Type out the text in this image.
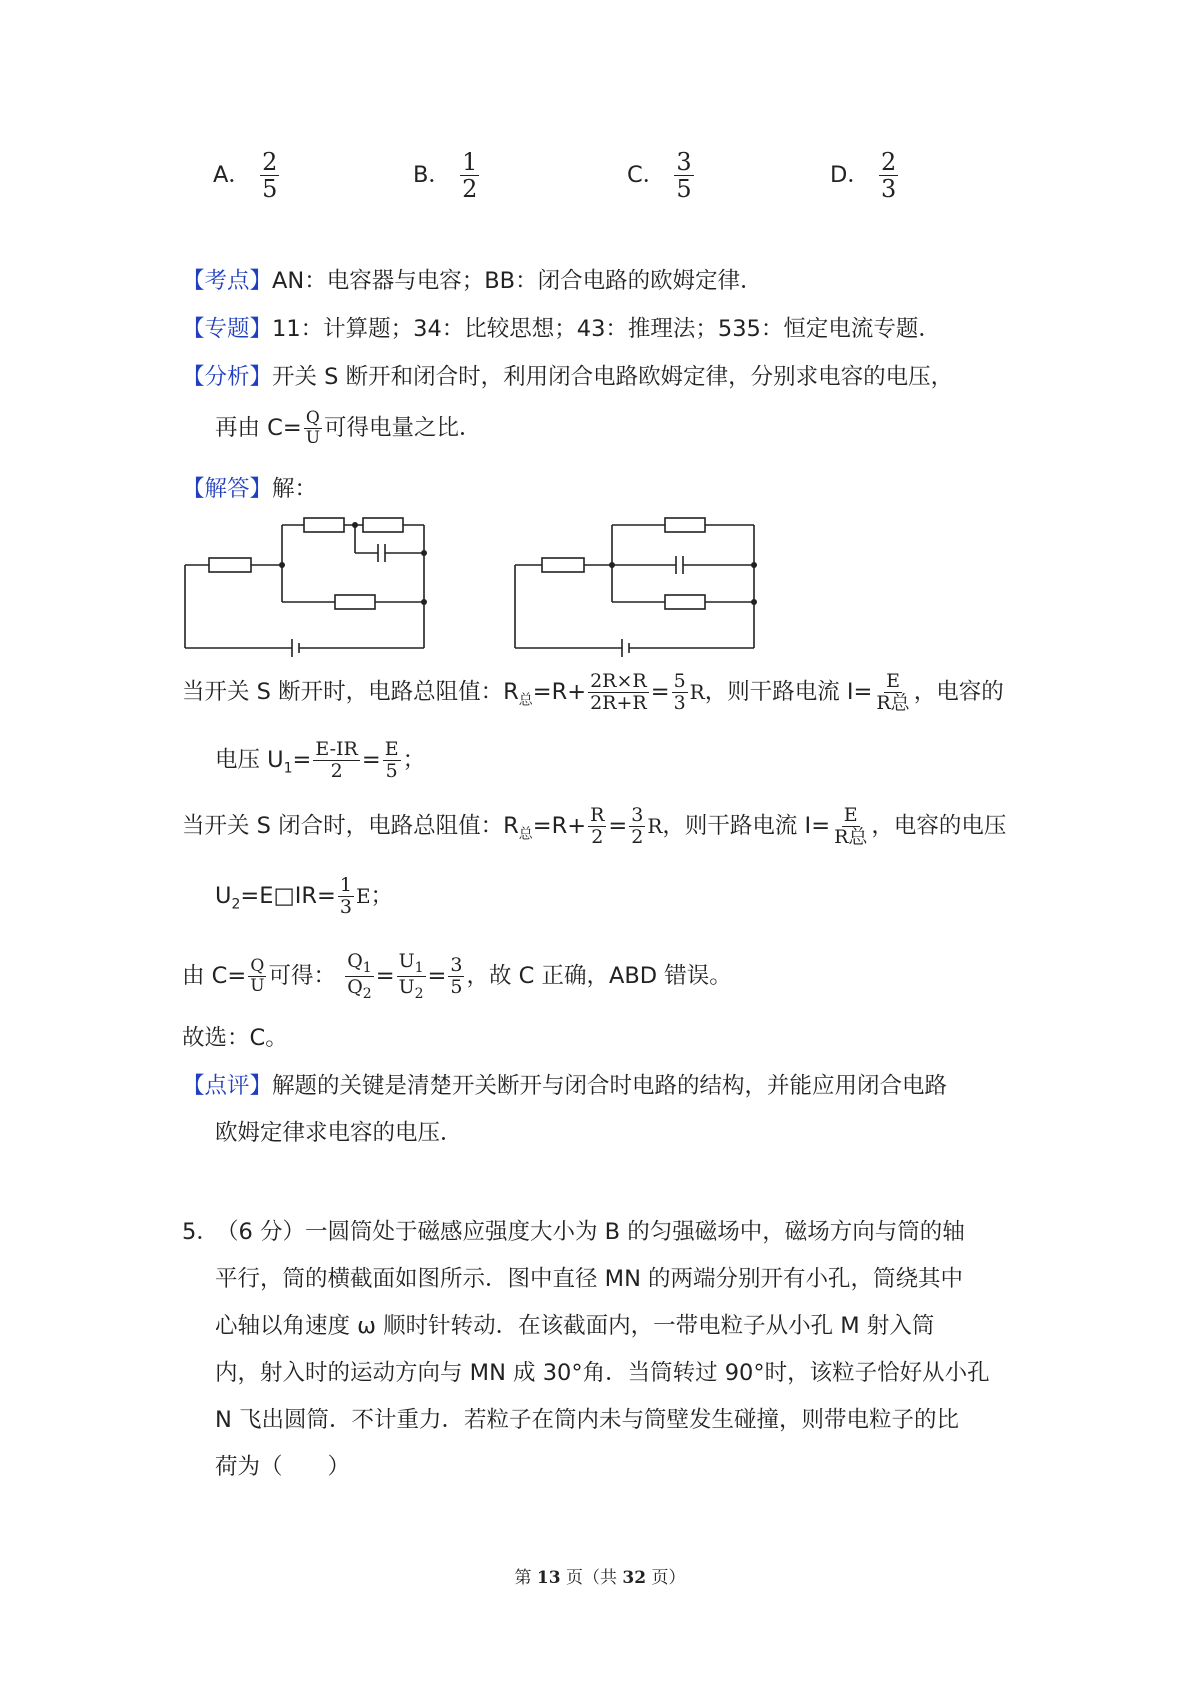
A． $\frac{2}{5}$	B． $\frac{1}{2}$	C． $\frac{3}{5}$	D． $\frac{2}{3}$
【考点】AN：电容器与电容；BB：闭合电路的欧姆定律．
【专题】11：计算题；34：比较思想；43：推理法；535：恒定电流专题．
【分析】开关 S 断开和闭合时，利用闭合电路欧姆定律，分别求电容的电压，
再由 $C= \frac{Q}{U}$ 可得电量之比．
【解答】解：
当开关 S 断开时，电路总阻值：$R_总=R+ \frac{2R\times R}{2R+R} = \frac{5}{3}$ R，则干路电流 $I= \frac{E}{\text{R总}}$ ，电容的
电压 $U_1= \frac{E-IR}{2} = \frac{E}{5}$ ；
当开关 S 闭合时，电路总阻值：$R_总=R+ \frac{R}{2} = \frac{3}{2}$ R，则干路电流 $I= \frac{E}{\text{R总}}$ ，电容的电压
$U_2=E□IR= \frac{1}{3}$ E；
由 $C= \frac{Q}{U}$ 可得： $\frac{Q_1}{Q_2} = \frac{U_1}{U_2} = \frac{3}{5}$ ，故 C 正确，ABD 错误。
故选：C。
【点评】解题的关键是清楚开关断开与闭合时电路的结构，并能应用闭合电路
欧姆定律求电容的电压．
5．（6 分）一圆筒处于磁感应强度大小为 B 的匀强磁场中，磁场方向与筒的轴
平行，筒的横截面如图所示．图中直径 MN 的两端分别开有小孔，筒绕其中
心轴以角速度 ω 顺时针转动．在该截面内，一带电粒子从小孔 M 射入筒
内，射入时的运动方向与 MN 成 30°角．当筒转过 90°时，该粒子恰好从小孔
N 飞出圆筒．不计重力．若粒子在筒内未与筒壁发生碰撞，则带电粒子的比
荷为（　　）
第 13 页（共 32 页）
